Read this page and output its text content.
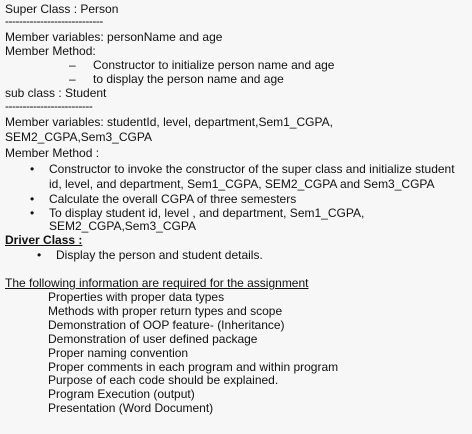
Super Class : Person
----------------------------
Member variables: personName and age
Member Method:
– Constructor to initialize person name and age
– to display the person name and age
sub class : Student
-------------------------
Member variables: studentId, level, department,Sem1_CGPA,
SEM2_CGPA,Sem3_CGPA
Member Method :
• Constructor to invoke the constructor of the super class and initialize student
id, level, and department, Sem1_CGPA, SEM2_CGPA and Sem3_CGPA
• Calculate the overall CGPA of three semesters
• To display student id, level , and department, Sem1_CGPA,
SEM2_CGPA,Sem3_CGPA
Driver Class :
• Display the person and student details.
The following information are required for the assignment
Properties with proper data types
Methods with proper return types and scope
Demonstration of OOP feature- (Inheritance)
Demonstration of user defined package
Proper naming convention
Proper comments in each program and within program
Purpose of each code should be explained.
Program Execution (output)
Presentation (Word Document)
